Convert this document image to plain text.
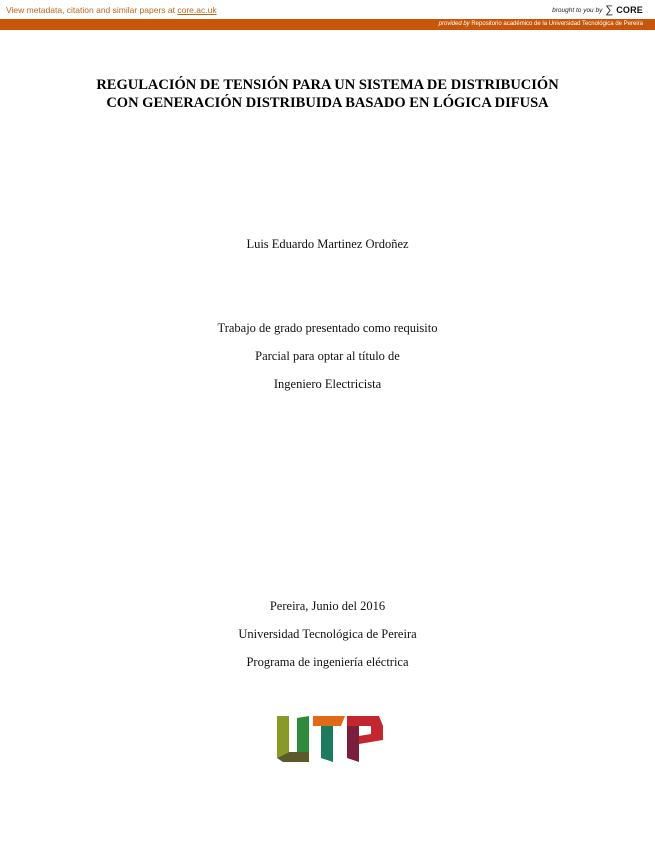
View metadata, citation and similar papers at core.ac.uk	brought to you by ∑ CORE
provided by Repositorio académico de la Universidad Tecnológica de Pereira
REGULACIÓN DE TENSIÓN PARA UN SISTEMA DE DISTRIBUCIÓN
CON GENERACIÓN DISTRIBUIDA BASADO EN LÓGICA DIFUSA
Luis Eduardo Martinez Ordoñez
Trabajo de grado presentado como requisito
Parcial para optar al título de
Ingeniero Electricista
Pereira, Junio del 2016
Universidad Tecnológica de Pereira
Programa de ingeniería eléctrica
